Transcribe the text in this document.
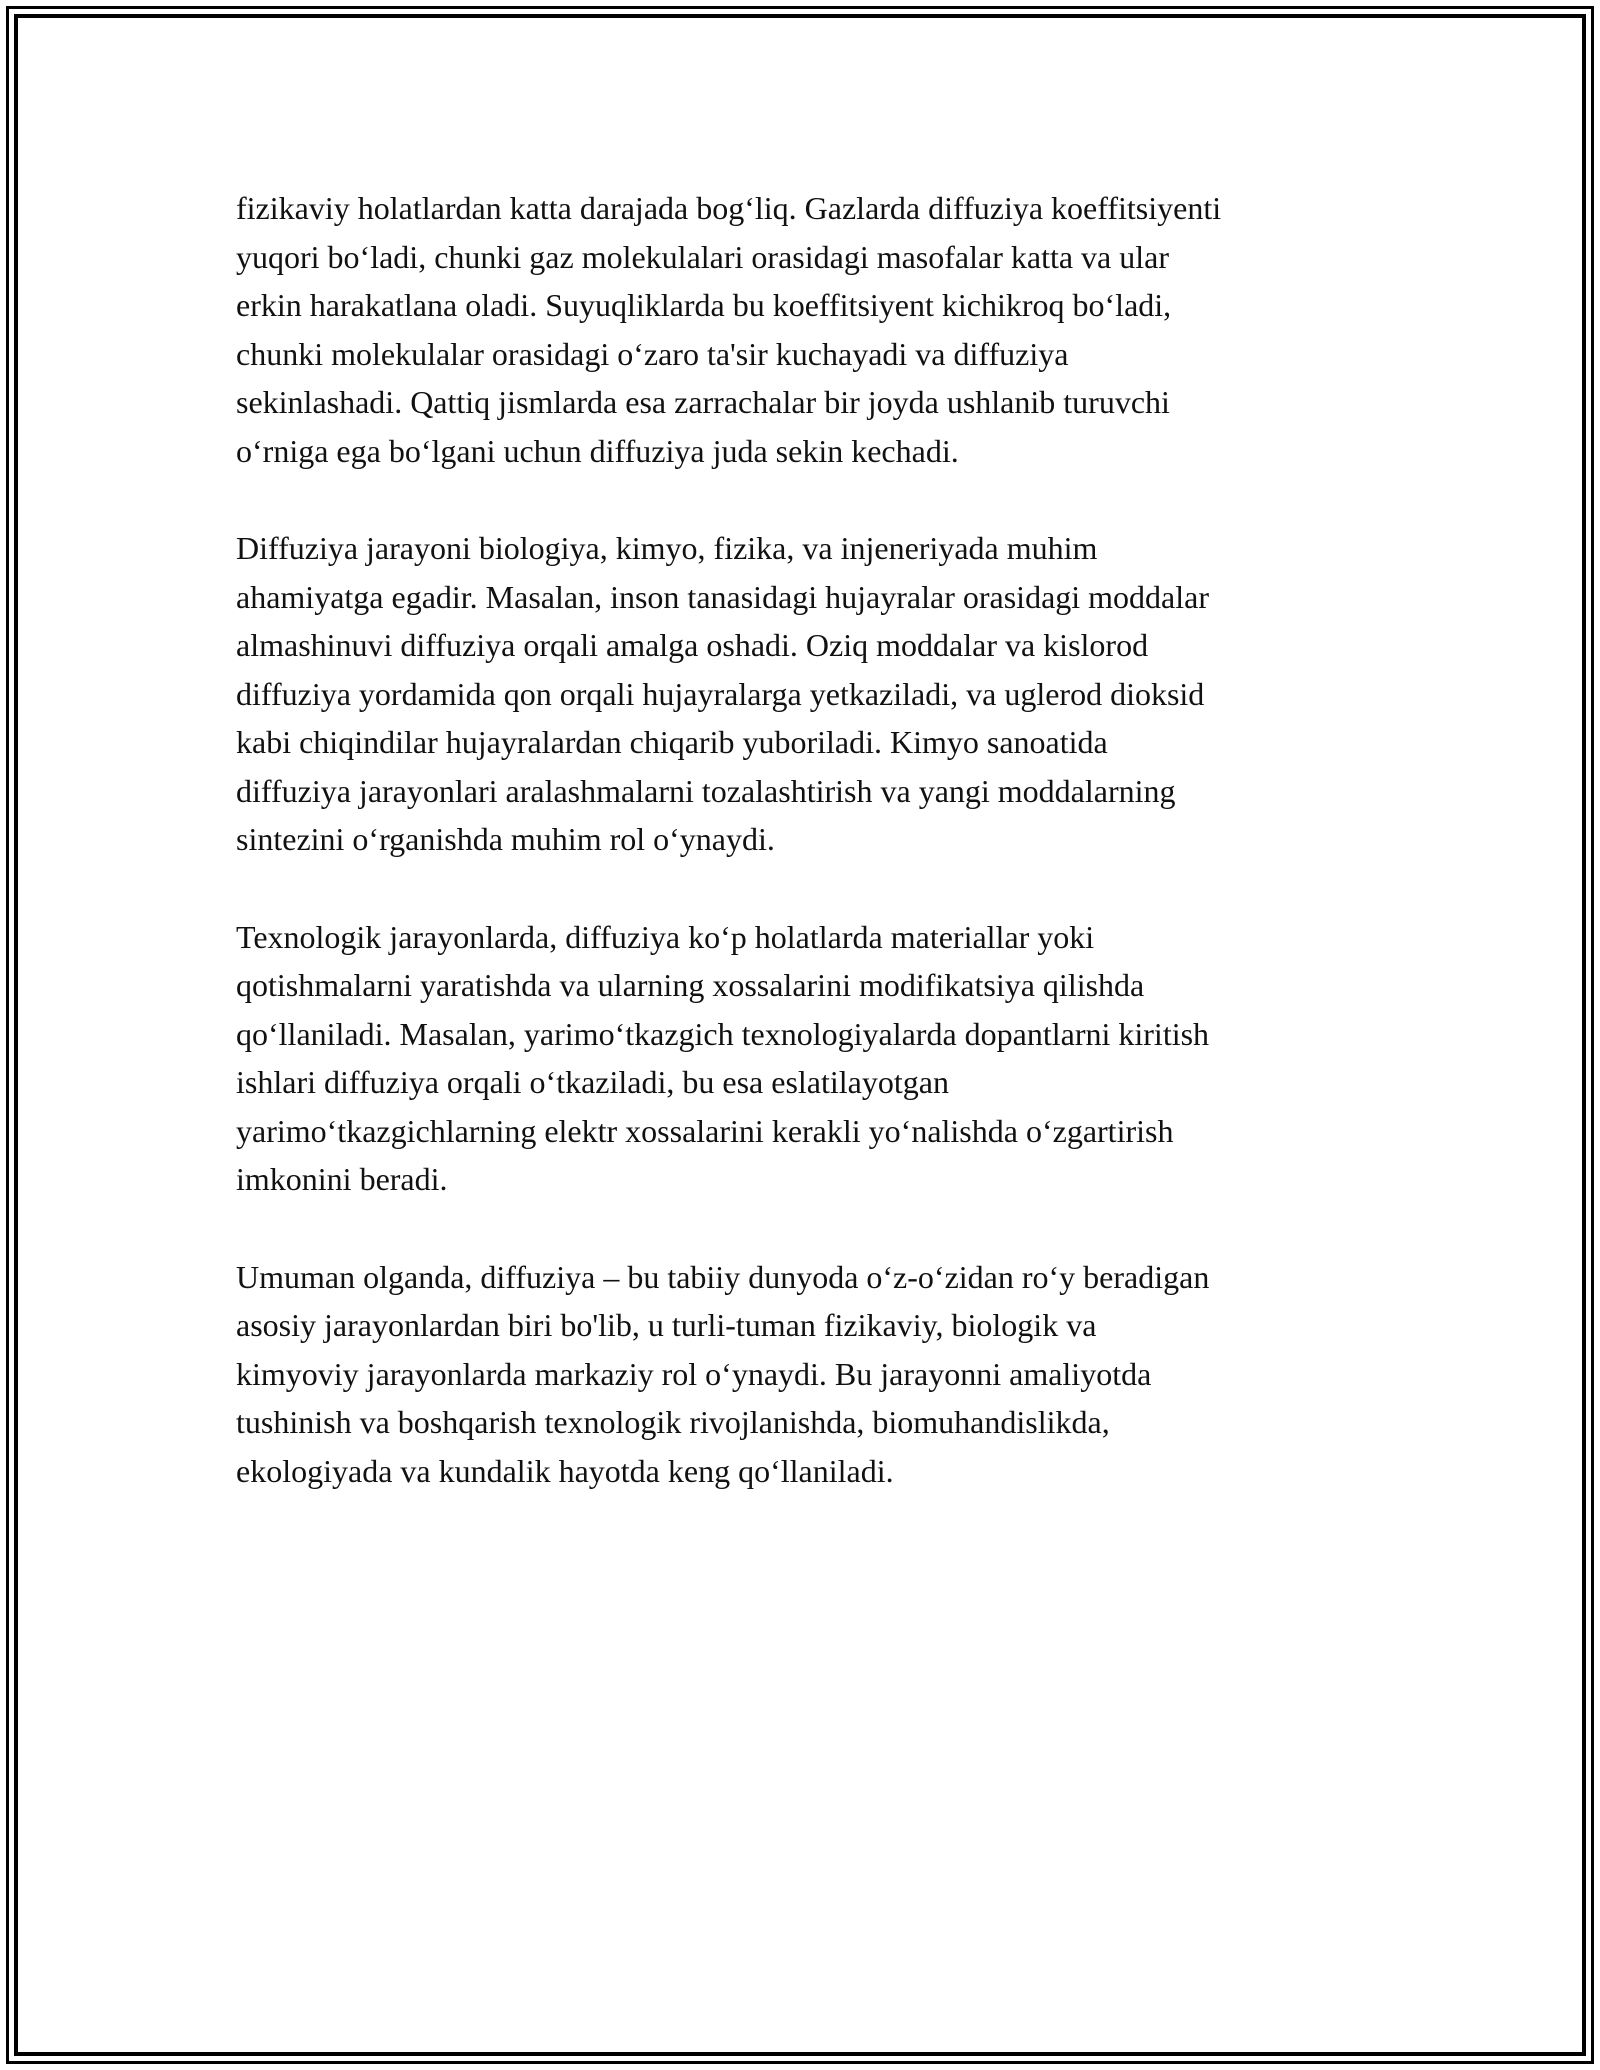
fizikaviy holatlardan katta darajada bog‘liq. Gazlarda diffuziya koeffitsiyenti
yuqori bo‘ladi, chunki gaz molekulalari orasidagi masofalar katta va ular
erkin harakatlana oladi. Suyuqliklarda bu koeffitsiyent kichikroq bo‘ladi,
chunki molekulalar orasidagi o‘zaro ta'sir kuchayadi va diffuziya
sekinlashadi. Qattiq jismlarda esa zarrachalar bir joyda ushlanib turuvchi
o‘rniga ega bo‘lgani uchun diffuziya juda sekin kechadi.

Diffuziya jarayoni biologiya, kimyo, fizika, va injeneriyada muhim
ahamiyatga egadir. Masalan, inson tanasidagi hujayralar orasidagi moddalar
almashinuvi diffuziya orqali amalga oshadi. Oziq moddalar va kislorod
diffuziya yordamida qon orqali hujayralarga yetkaziladi, va uglerod dioksid
kabi chiqindilar hujayralardan chiqarib yuboriladi. Kimyo sanoatida
diffuziya jarayonlari aralashmalarni tozalashtirish va yangi moddalarning
sintezini o‘rganishda muhim rol o‘ynaydi.

Texnologik jarayonlarda, diffuziya ko‘p holatlarda materiallar yoki
qotishmalarni yaratishda va ularning xossalarini modifikatsiya qilishda
qo‘llaniladi. Masalan, yarimo‘tkazgich texnologiyalarda dopantlarni kiritish
ishlari diffuziya orqali o‘tkaziladi, bu esa eslatilayotgan
yarimo‘tkazgichlarning elektr xossalarini kerakli yo‘nalishda o‘zgartirish
imkonini beradi.

Umuman olganda, diffuziya – bu tabiiy dunyoda o‘z-o‘zidan ro‘y beradigan
asosiy jarayonlardan biri bo'lib, u turli-tuman fizikaviy, biologik va
kimyoviy jarayonlarda markaziy rol o‘ynaydi. Bu jarayonni amaliyotda
tushinish va boshqarish texnologik rivojlanishda, biomuhandislikda,
ekologiyada va kundalik hayotda keng qo‘llaniladi.
